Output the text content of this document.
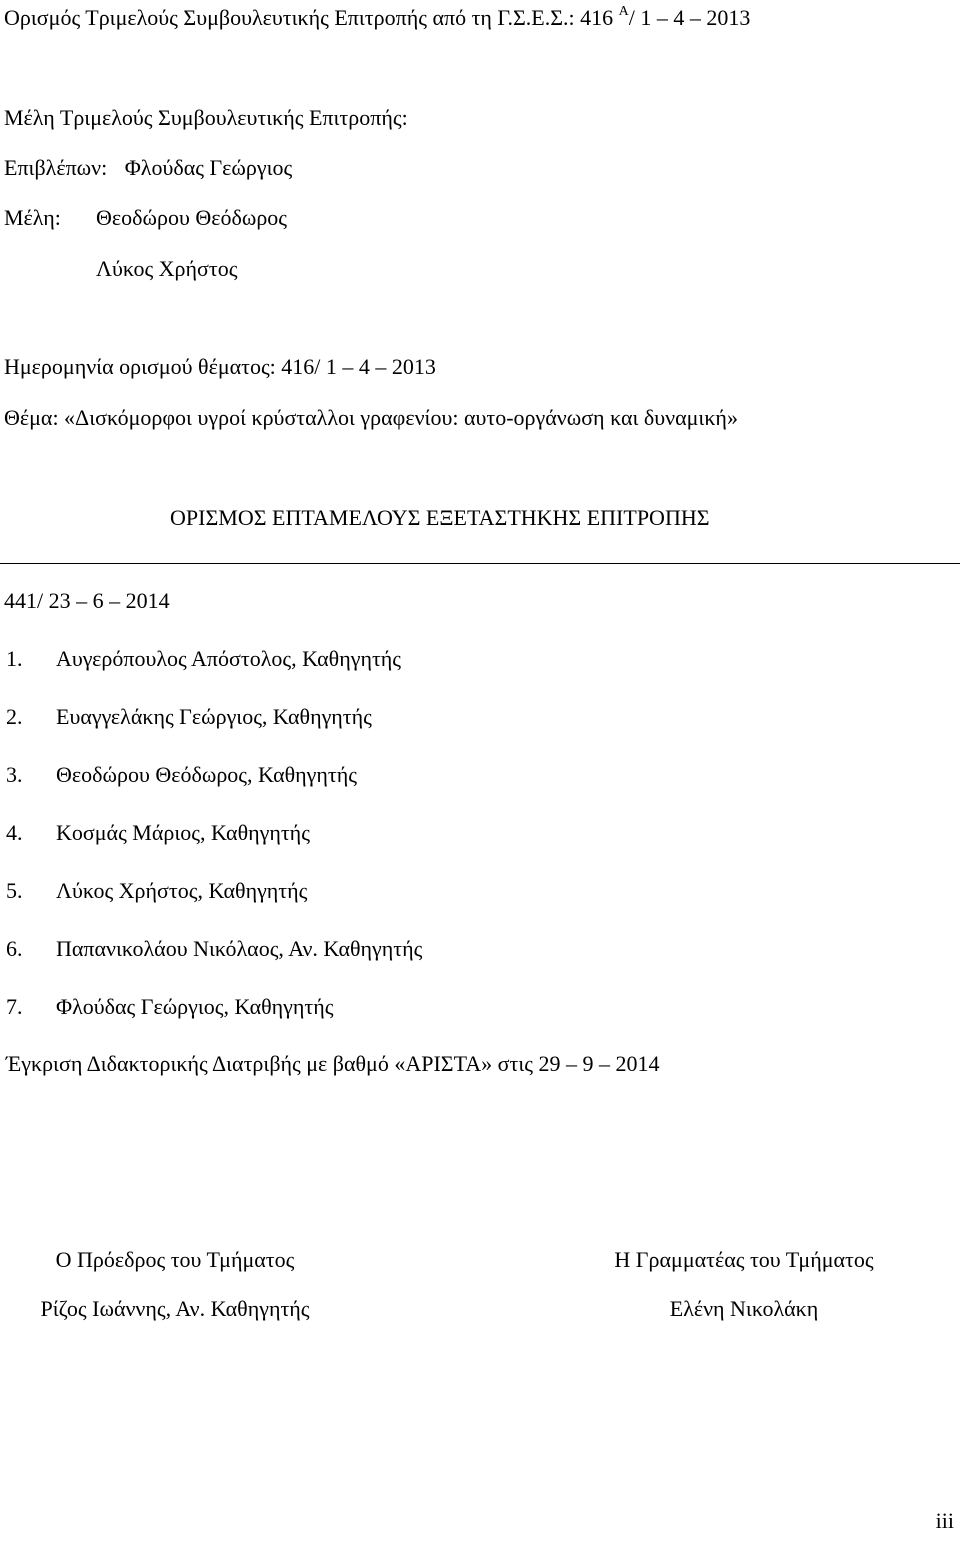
Ορισμός Τριμελούς Συμβουλευτικής Επιτροπής από τη Γ.Σ.Ε.Σ.: 416 $^A$/ 1 – 4 – 2013
Μέλη Τριμελούς Συμβουλευτικής Επιτροπής:
Επιβλέπων: Φλούδας Γεώργιος
Μέλη: Θεοδώρου Θεόδωρος
Λύκος Χρήστος
Ημερομηνία ορισμού θέματος: 416/ 1 – 4 – 2013
Θέμα: «Δισκόμορφοι υγροί κρύσταλλοι γραφενίου: αυτο-οργάνωση και δυναμική»
ΟΡΙΣΜΟΣ ΕΠΤΑΜΕΛΟΥΣ ΕΞΕΤΑΣΤΗΚΗΣ ΕΠΙΤΡΟΠΗΣ
441/ 23 – 6 – 2014
1. Αυγερόπουλος Απόστολος, Καθηγητής
2. Ευαγγελάκης Γεώργιος, Καθηγητής
3. Θεοδώρου Θεόδωρος, Καθηγητής
4. Κοσμάς Μάριος, Καθηγητής
5. Λύκος Χρήστος, Καθηγητής
6. Παπανικολάου Νικόλαος, Αν. Καθηγητής
7. Φλούδας Γεώργιος, Καθηγητής
Έγκριση Διδακτορικής Διατριβής με βαθμό «ΑΡΙΣΤΑ» στις 29 – 9 – 2014
Ο Πρόεδρος του Τμήματος
Ρίζος Ιωάννης, Αν. Καθηγητής
Η Γραμματέας του Τμήματος
Ελένη Νικολάκη
iii
